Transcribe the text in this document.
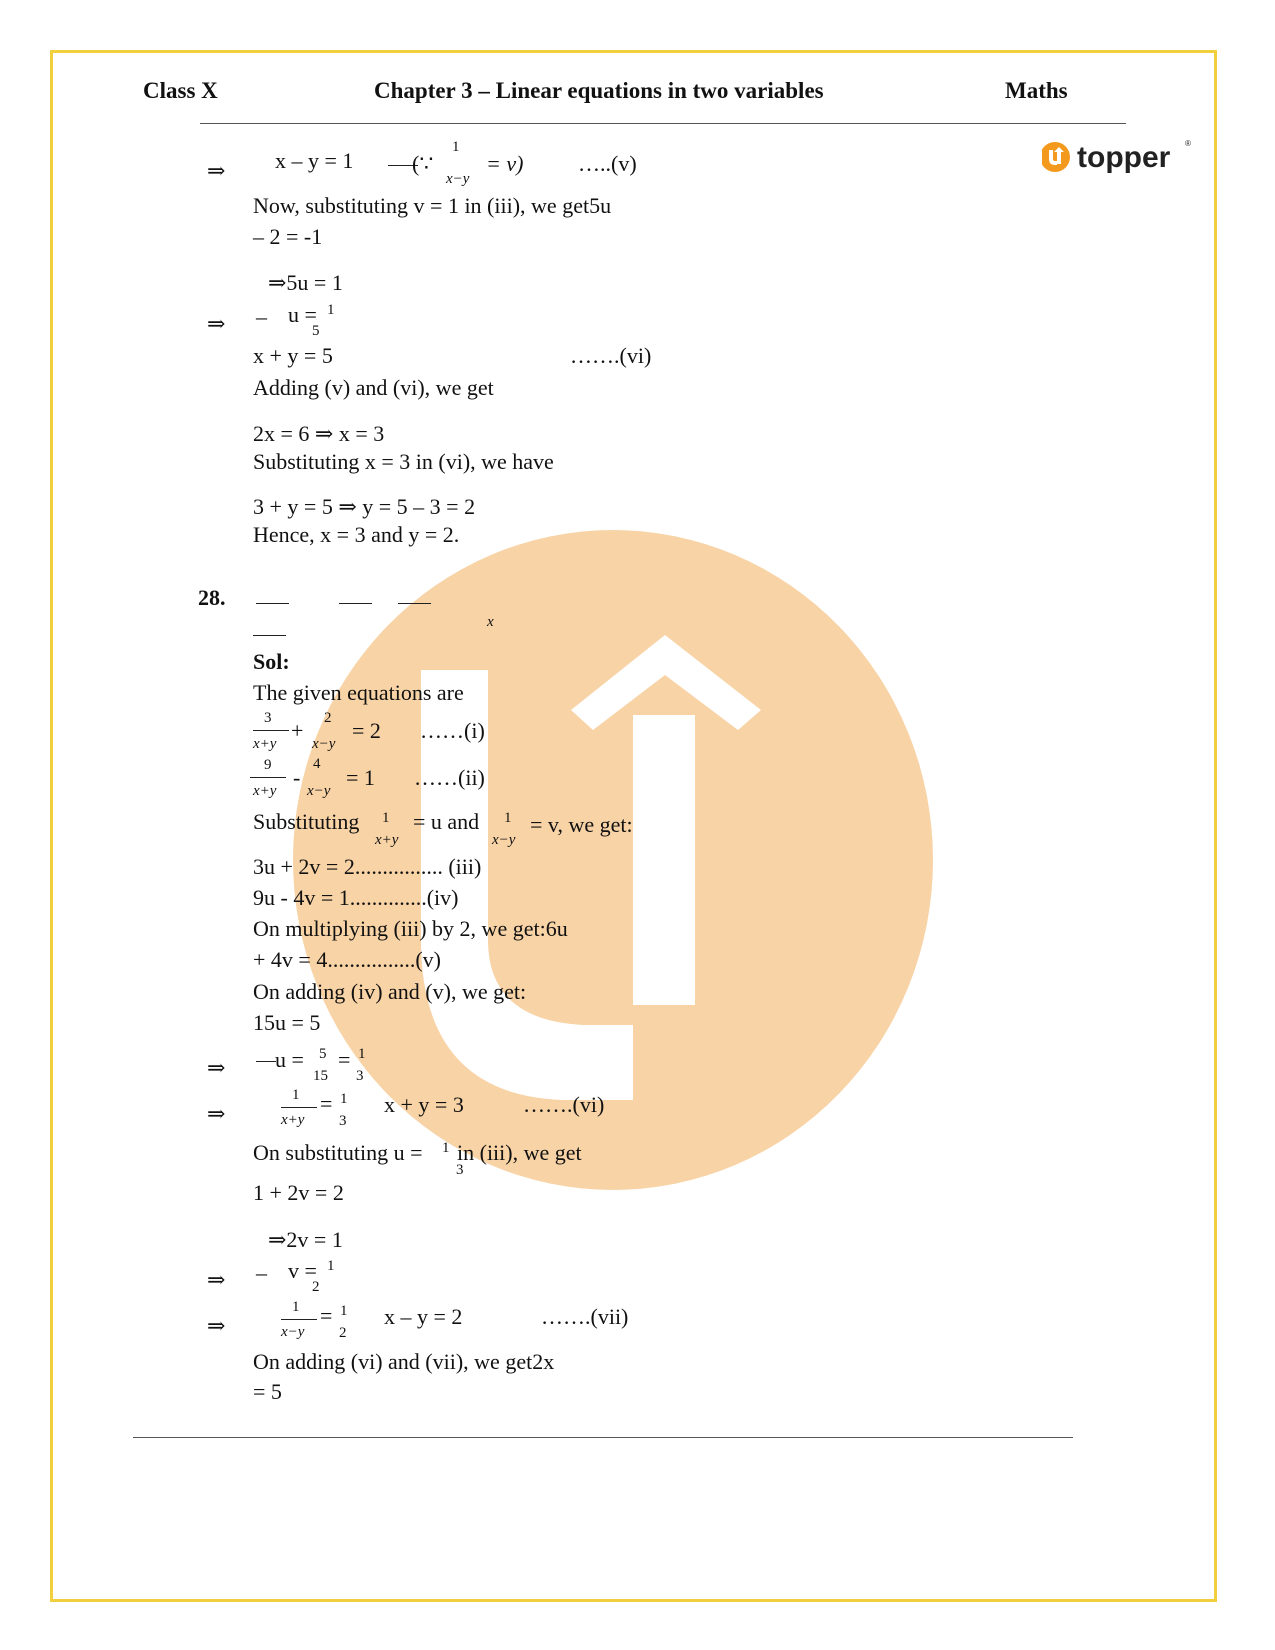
Class X	Chapter 3 – Linear equations in two variables	Maths
topper ®
⇒ x – y = 1	(∵
1
x−y
= v) …..(v)
Now, substituting v = 1 in (iii), we get5u
– 2 = -1
⇒5u = 1
⇒ – u = 1
5
x + y = 5	…….(vi)
Adding (v) and (vi), we get
2x = 6 ⇒ x = 3
Substituting x = 3 in (vi), we have
3 + y = 5 ⇒ y = 5 – 3 = 2
Hence, x = 3 and y = 2.
28.
x
Sol:
The given equations are
3
x+y
+ 2
x−y
= 2 ……(i)
9
x+y
-
4
x−y
= 1 ……(ii)
Substituting 1
x+y
= u and 1
x−y
= v, we get:
3u + 2v = 2................ (iii)
9u - 4v = 1..............(iv)
On multiplying (iii) by 2, we get:6u
+ 4v = 4................(v)
On adding (iv) and (v), we get:
15u = 5
⇒ u = 5
15
= 1
3
⇒
1
x+y
= 1
3
x + y = 3	…….(vi)
On substituting u = 1
3
in (iii), we get
1 + 2v = 2
⇒2v = 1
⇒ – v = 1
2
⇒
1
x−y
= 1
2
x – y = 2	…….(vii)
On adding (vi) and (vii), we get2x
= 5
